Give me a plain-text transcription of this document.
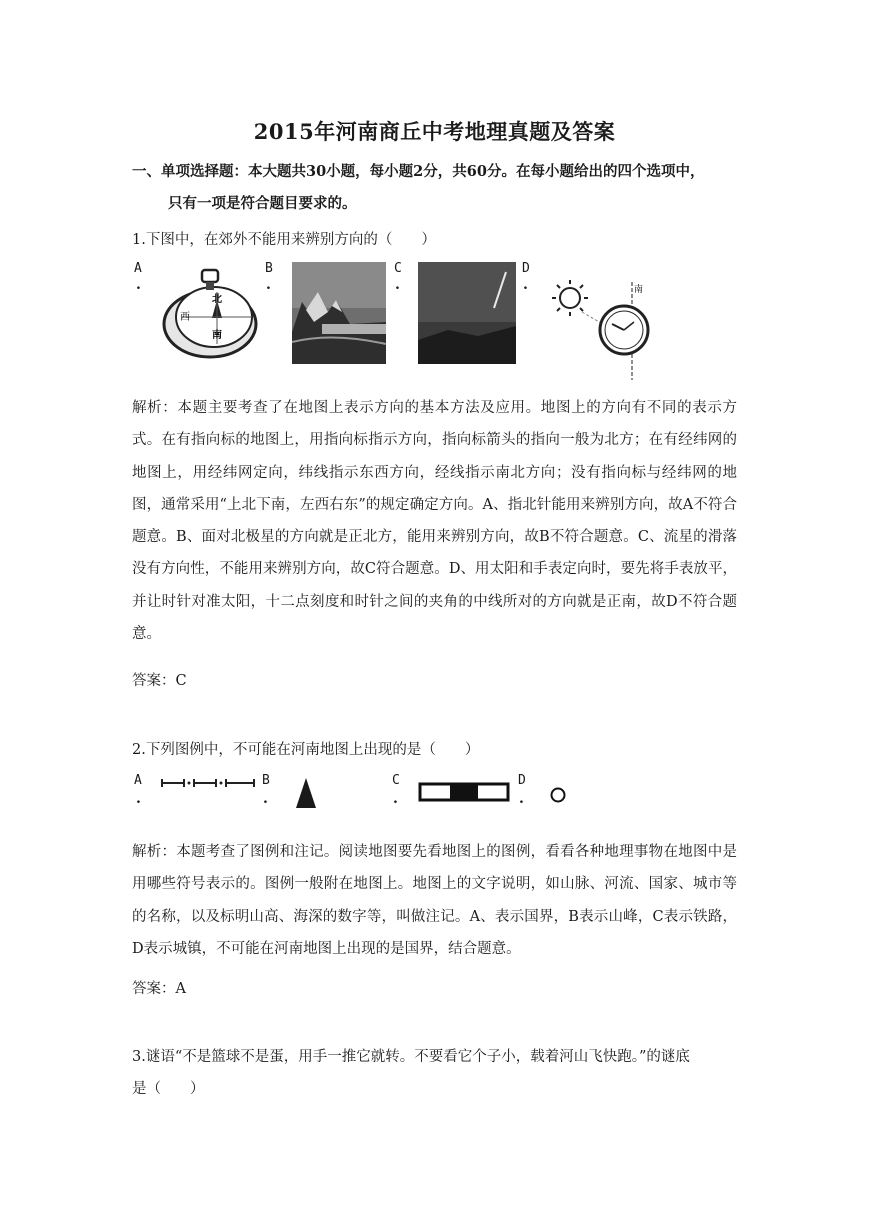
2015年河南商丘中考地理真题及答案
一、单项选择题：本大题共30小题，每小题2分，共60分。在每小题给出的四个选项中，
只有一项是符合题目要求的。
1.下图中，在郊外不能用来辨别方向的（　　）
A
.
B
.
C
.
D
.
北
西
南
南
解析：本题主要考查了在地图上表示方向的基本方法及应用。地图上的方向有不同的表示方式。在有指向标的地图上，用指向标指示方向，指向标箭头的指向一般为北方；在有经纬网的地图上，用经纬网定向，纬线指示东西方向，经线指示南北方向；没有指向标与经纬网的地图，通常采用“上北下南，左西右东”的规定确定方向。A、指北针能用来辨别方向，故A不符合题意。B、面对北极星的方向就是正北方，能用来辨别方向，故B不符合题意。C、流星的滑落没有方向性，不能用来辨别方向，故C符合题意。D、用太阳和手表定向时，要先将手表放平，并让时针对准太阳，十二点刻度和时针之间的夹角的中线所对的方向就是正南，故D不符合题意。
答案：C
2.下列图例中，不可能在河南地图上出现的是（　　）
A
.
B
.
C
.
D
.
解析：本题考查了图例和注记。阅读地图要先看地图上的图例，看看各种地理事物在地图中是用哪些符号表示的。图例一般附在地图上。地图上的文字说明，如山脉、河流、国家、城市等的名称，以及标明山高、海深的数字等，叫做注记。A、表示国界，B表示山峰，C表示铁路，D表示城镇，不可能在河南地图上出现的是国界，结合题意。
答案：A
3.谜语“不是篮球不是蛋，用手一推它就转。不要看它个子小，载着河山飞快跑。”的谜底
是（　　）
